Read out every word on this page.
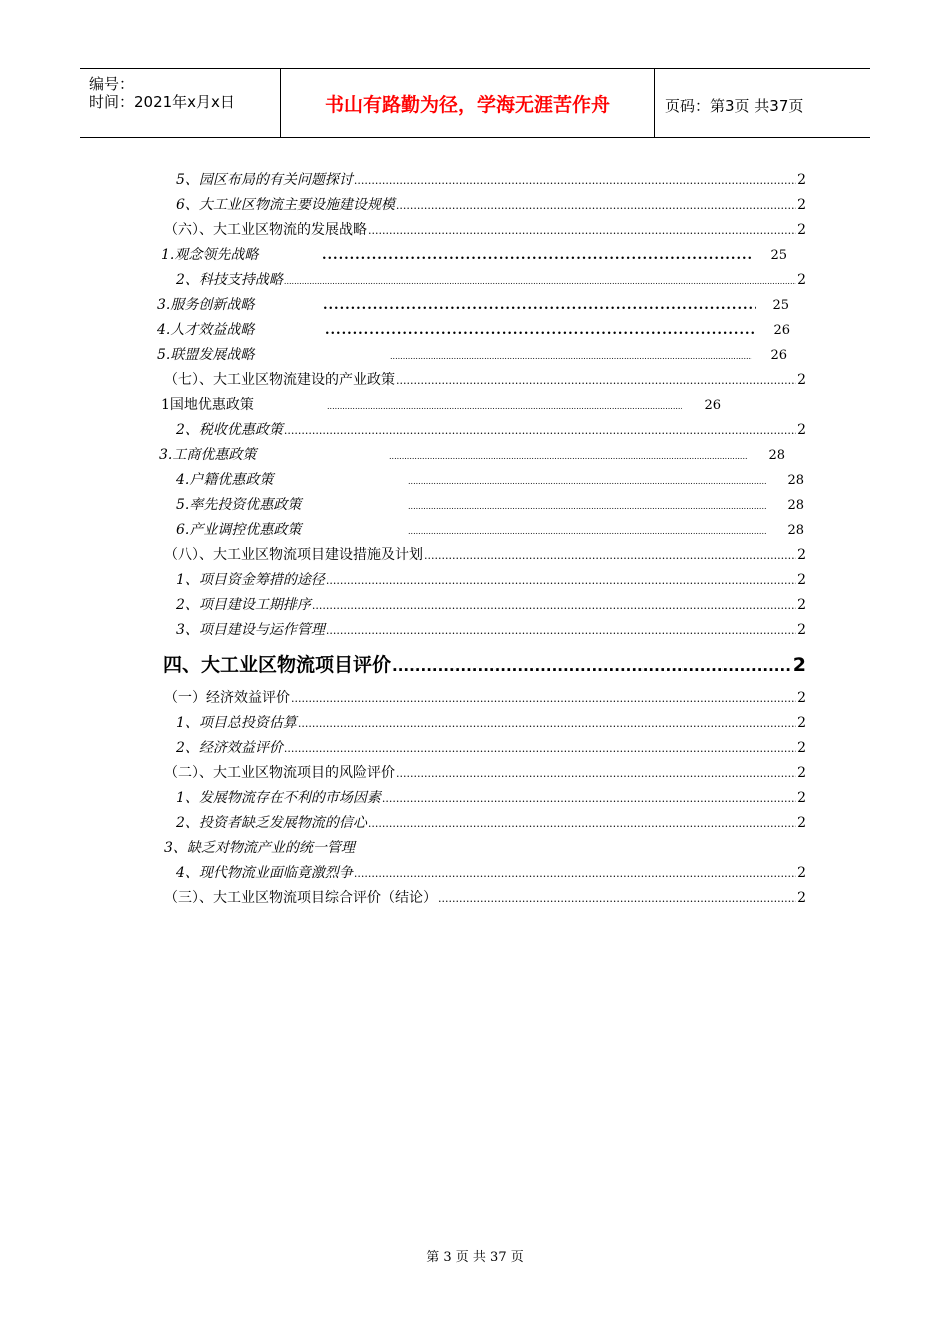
编号：
时间：2021年x月x日	书山有路勤为径，学海无涯苦作舟	页码：第3页 共37页
5、园区布局的有关问题探讨 .....	2
6、大工业区物流主要设施建设规模 .....	2
（六）、大工业区物流的发展战略 .....	2
1.观念领先战略 .....	25
2、科技支持战略 .....	2
3.服务创新战略 .....	25
4.人才效益战略 .....	26
5.联盟发展战略 .....	26
（七）、大工业区物流建设的产业政策 .....	2
1国地优惠政策 .....	26
2、税收优惠政策 .....	2
3.工商优惠政策 .....	28
4.户籍优惠政策 .....	28
5.率先投资优惠政策 .....	28
6.产业调控优惠政策 .....	28
（八）、大工业区物流项目建设措施及计划 .....	2
1、项目资金筹措的途径 .....	2
2、项目建设工期排序 .....	2
3、项目建设与运作管理 .....	2
四、大工业区物流项目评价 .....	2
（一）经济效益评价 .....	2
1、项目总投资估算 .....	2
2、经济效益评价 .....	2
（二）、大工业区物流项目的风险评价 .....	2
1、发展物流存在不利的市场因素 .....	2
2、投资者缺乏发展物流的信心 .....	2
3、缺乏对物流产业的统一管理
4、现代物流业面临竟激烈争 .....	2
（三）、大工业区物流项目综合评价（结论） .....	2
第 3 页 共 37 页
